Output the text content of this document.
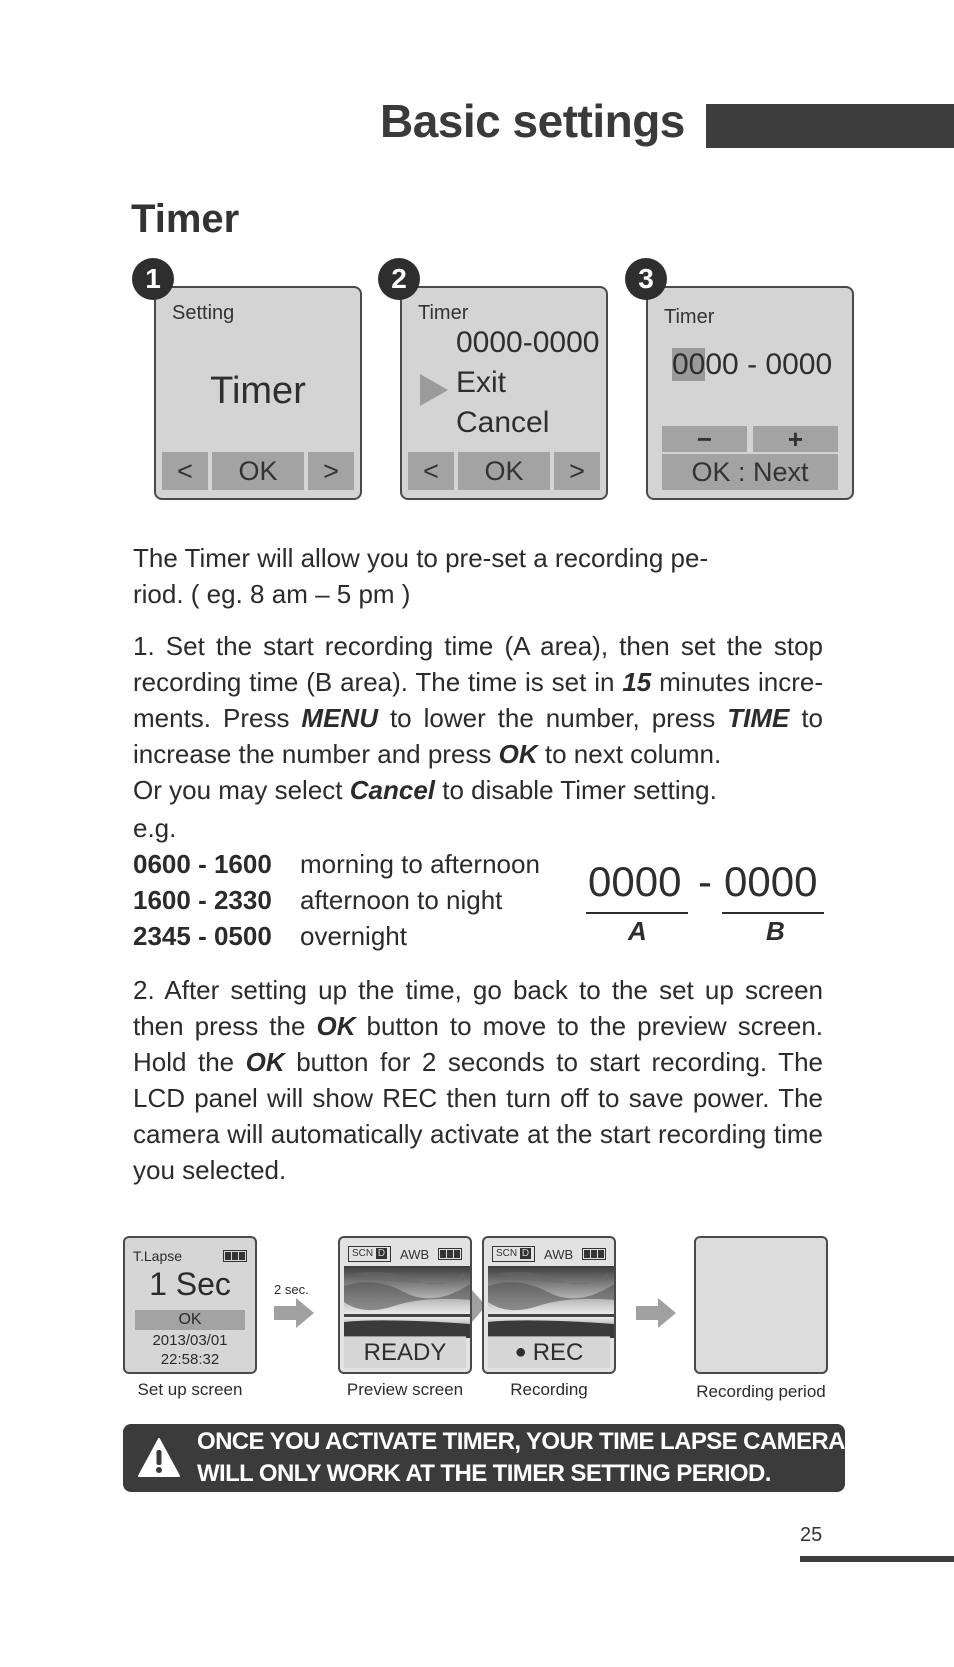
Basic settings
Timer
Setting
Timer
<	OK	>
1
Timer
0000-0000
Exit
Cancel
<	OK	>
2
Timer
0000 - 0000
−	+
OK : Next
3
The Timer will allow you to pre-set a recording pe-
riod. ( eg. 8 am – 5 pm )
1. Set the start recording time (A area), then set the stop recording time (B area). The time is set in 15 minutes incre-ments. Press MENU to lower the number, press TIME to increase the number and press OK to next column.
Or you may select Cancel to disable Timer setting.
e.g.
0600 - 1600 morning to afternoon
1600 - 2330 afternoon to night
2345 - 0500 overnight
0000 - 0000
A	B
2. After setting up the time, go back to the set up screen then press the OK button to move to the preview screen. Hold the OK button for 2 seconds to start recording. The LCD panel will show REC then turn off to save power. The camera will automatically activate at the start recording time you selected.
T.Lapse
1 Sec
OK
2013/03/01
22:58:32
Set up screen
2 sec.
SCN D	AWB
READY
Preview screen
SCN D	AWB
● REC
Recording	Recording period
ONCE YOU ACTIVATE TIMER, YOUR TIME LAPSE CAMERA
WILL ONLY WORK AT THE TIMER SETTING PERIOD.
25
